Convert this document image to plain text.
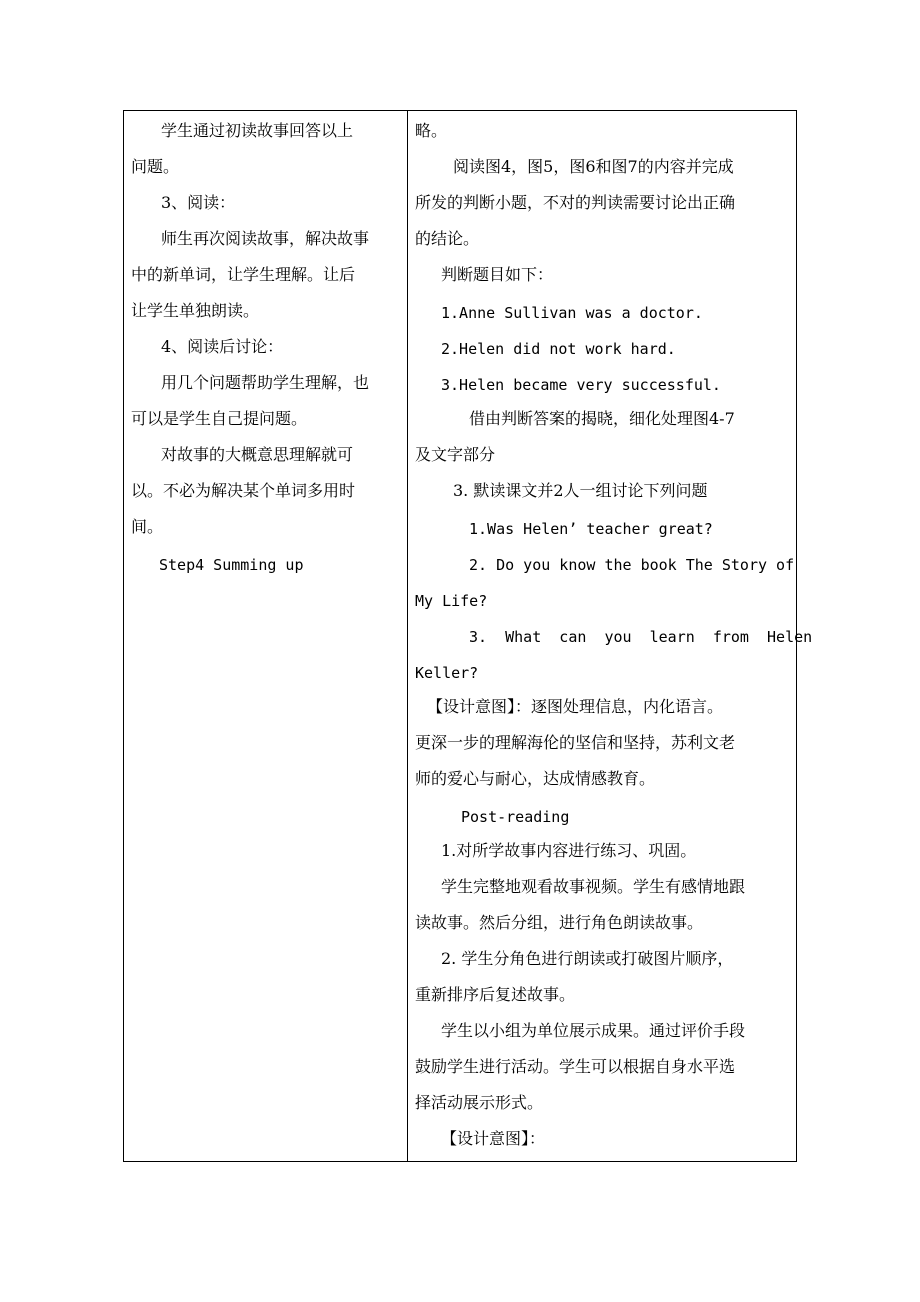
学生通过初读故事回答以上
问题。
3、阅读：
师生再次阅读故事，解决故事
中的新单词，让学生理解。让后
让学生单独朗读。
4、阅读后讨论：
用几个问题帮助学生理解，也
可以是学生自己提问题。
对故事的大概意思理解就可
以。不必为解决某个单词多用时
间。
Step4 Summing up
略。
阅读图4，图5，图6和图7的内容并完成
所发的判断小题，不对的判读需要讨论出正确
的结论。
判断题目如下：
1.Anne Sullivan was a doctor.
2.Helen did not work hard.
3.Helen became very successful.
借由判断答案的揭晓，细化处理图4-7
及文字部分
3. 默读课文并2人一组讨论下列问题
1.Was Helen’ teacher great?
2. Do you know the book The Story of
My Life?
3.  What  can  you  learn  from  Helen
Keller?
【设计意图】：逐图处理信息，内化语言。
更深一步的理解海伦的坚信和坚持，苏利文老
师的爱心与耐心，达成情感教育。
Post-reading
1.对所学故事内容进行练习、巩固。
学生完整地观看故事视频。学生有感情地跟
读故事。然后分组，进行角色朗读故事。
2. 学生分角色进行朗读或打破图片顺序，
重新排序后复述故事。
学生以小组为单位展示成果。通过评价手段
鼓励学生进行活动。学生可以根据自身水平选
择活动展示形式。
【设计意图】：
